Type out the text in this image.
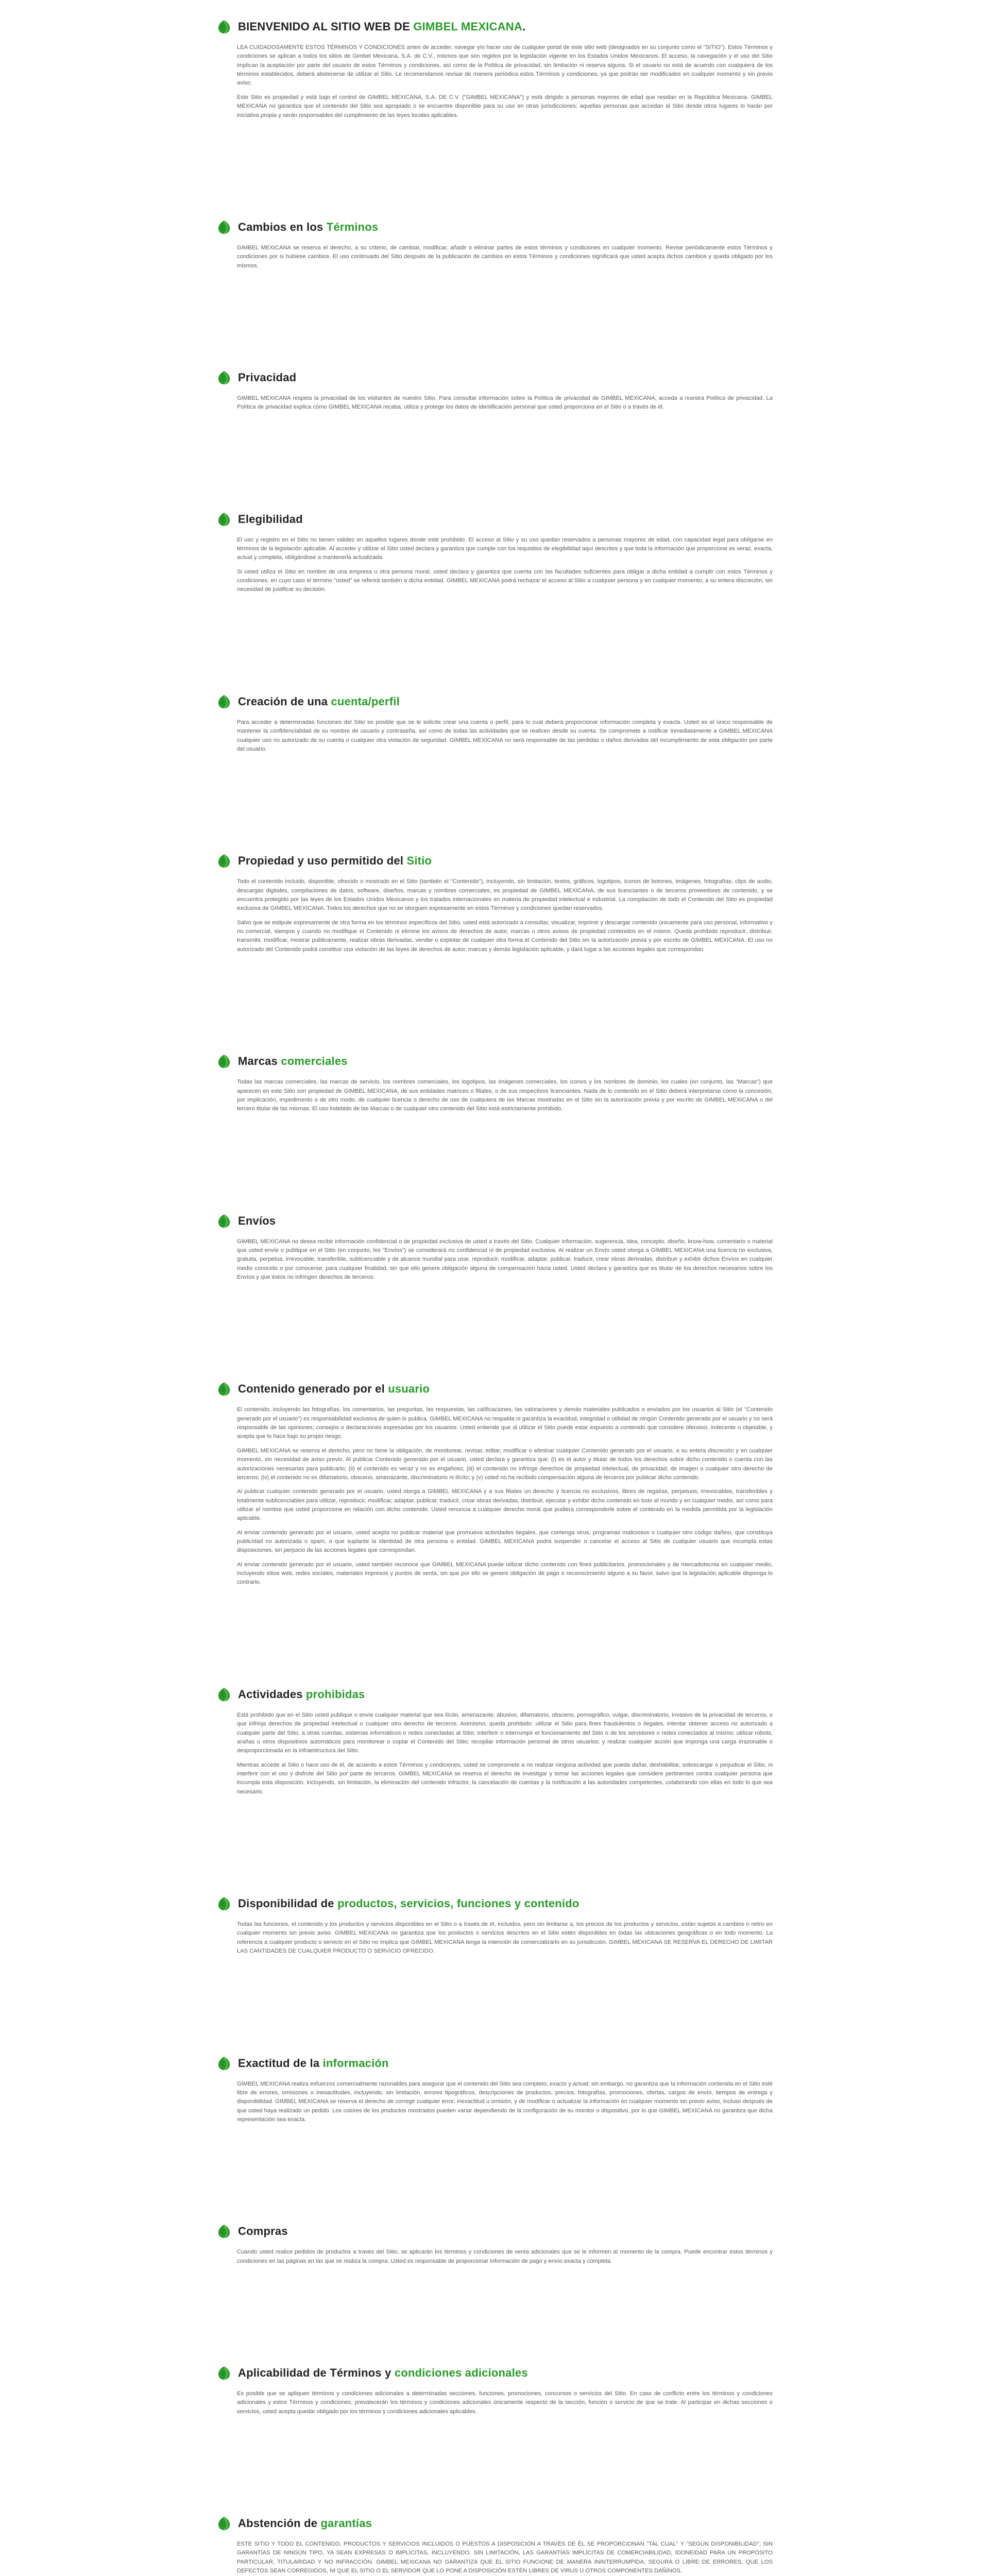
BIENVENIDO AL SITIO WEB DE GIMBEL MEXICANA.

LEA CUIDADOSAMENTE ESTOS TÉRMINOS Y CONDICIONES antes de acceder, navegar y/o hacer uso de cualquier portal de este sitio web (designados en su conjunto como el "SITIO"). Estos Términos y condiciones se aplican a todos los sitios de Gimbel Mexicana, S.A. de C.V., mismos que son regidos por la legislación vigente en los Estados Unidos Mexicanos. El acceso, la navegación y el uso del Sitio implican la aceptación por parte del usuario de estos Términos y condiciones, así como de la Política de privacidad, sin limitación ni reserva alguna. Si el usuario no está de acuerdo con cualquiera de los términos establecidos, deberá abstenerse de utilizar el Sitio. Le recomendamos revisar de manera periódica estos Términos y condiciones, ya que podrán ser modificados en cualquier momento y sin previo aviso.

Este Sitio es propiedad y está bajo el control de GIMBEL MEXICANA, S.A. DE C.V. ("GIMBEL MEXICANA") y está dirigido a personas mayores de edad que residan en la República Mexicana. GIMBEL MEXICANA no garantiza que el contenido del Sitio sea apropiado o se encuentre disponible para su uso en otras jurisdicciones; aquellas personas que accedan al Sitio desde otros lugares lo harán por iniciativa propia y serán responsables del cumplimiento de las leyes locales aplicables.

Cambios en los Términos

GIMBEL MEXICANA se reserva el derecho, a su criterio, de cambiar, modificar, añadir o eliminar partes de estos términos y condiciones en cualquier momento. Revise periódicamente estos Términos y condiciones por si hubiese cambios. El uso continuado del Sitio después de la publicación de cambios en estos Términos y condiciones significará que usted acepta dichos cambios y queda obligado por los mismos.

Privacidad

GIMBEL MEXICANA respeta la privacidad de los visitantes de nuestro Sitio. Para consultar información sobre la Política de privacidad de GIMBEL MEXICANA, acceda a nuestra Política de privacidad. La Política de privacidad explica cómo GIMBEL MEXICANA recaba, utiliza y protege los datos de identificación personal que usted proporciona en el Sitio o a través de él.

Elegibilidad

El uso y registro en el Sitio no tienen validez en aquellos lugares donde esté prohibido. El acceso al Sitio y su uso quedan reservados a personas mayores de edad, con capacidad legal para obligarse en términos de la legislación aplicable. Al acceder y utilizar el Sitio usted declara y garantiza que cumple con los requisitos de elegibilidad aquí descritos y que toda la información que proporcione es veraz, exacta, actual y completa, obligándose a mantenerla actualizada.

Si usted utiliza el Sitio en nombre de una empresa u otra persona moral, usted declara y garantiza que cuenta con las facultades suficientes para obligar a dicha entidad a cumplir con estos Términos y condiciones, en cuyo caso el término "usted" se referirá también a dicha entidad. GIMBEL MEXICANA podrá rechazar el acceso al Sitio a cualquier persona y en cualquier momento, a su entera discreción, sin necesidad de justificar su decisión.

Creación de una cuenta/perfil

Para acceder a determinadas funciones del Sitio es posible que se le solicite crear una cuenta o perfil, para lo cual deberá proporcionar información completa y exacta. Usted es el único responsable de mantener la confidencialidad de su nombre de usuario y contraseña, así como de todas las actividades que se realicen desde su cuenta. Se compromete a notificar inmediatamente a GIMBEL MEXICANA cualquier uso no autorizado de su cuenta o cualquier otra violación de seguridad. GIMBEL MEXICANA no será responsable de las pérdidas o daños derivados del incumplimiento de esta obligación por parte del usuario.

Propiedad y uso permitido del Sitio

Todo el contenido incluido, disponible, ofrecido o mostrado en el Sitio (también el "Contenido"), incluyendo, sin limitación, textos, gráficos, logotipos, íconos de botones, imágenes, fotografías, clips de audio, descargas digitales, compilaciones de datos, software, diseños, marcas y nombres comerciales, es propiedad de GIMBEL MEXICANA, de sus licenciantes o de terceros proveedores de contenido, y se encuentra protegido por las leyes de los Estados Unidos Mexicanos y los tratados internacionales en materia de propiedad intelectual e industrial. La compilación de todo el Contenido del Sitio es propiedad exclusiva de GIMBEL MEXICANA. Todos los derechos que no se otorguen expresamente en estos Términos y condiciones quedan reservados.

Salvo que se estipule expresamente de otra forma en los términos específicos del Sitio, usted está autorizado a consultar, visualizar, imprimir y descargar contenido únicamente para uso personal, informativo y no comercial, siempre y cuando no modifique el Contenido ni elimine los avisos de derechos de autor, marcas u otros avisos de propiedad contenidos en el mismo. Queda prohibido reproducir, distribuir, transmitir, modificar, mostrar públicamente, realizar obras derivadas, vender o explotar de cualquier otra forma el Contenido del Sitio sin la autorización previa y por escrito de GIMBEL MEXICANA. El uso no autorizado del Contenido podrá constituir una violación de las leyes de derechos de autor, marcas y demás legislación aplicable, y dará lugar a las acciones legales que correspondan.

Marcas comerciales

Todas las marcas comerciales, las marcas de servicio, los nombres comerciales, los logotipos, las imágenes comerciales, los iconos y los nombres de dominio, los cuales (en conjunto, las "Marcas") que aparecen en este Sitio son propiedad de GIMBEL MEXICANA, de sus entidades matrices o filiales, o de sus respectivos licenciantes. Nada de lo contenido en el Sitio deberá interpretarse como la concesión, por implicación, impedimento o de otro modo, de cualquier licencia o derecho de uso de cualquiera de las Marcas mostradas en el Sitio sin la autorización previa y por escrito de GIMBEL MEXICANA o del tercero titular de las mismas. El uso indebido de las Marcas o de cualquier otro contenido del Sitio está estrictamente prohibido.

Envíos

GIMBEL MEXICANA no desea recibir información confidencial o de propiedad exclusiva de usted a través del Sitio. Cualquier información, sugerencia, idea, concepto, diseño, know-how, comentario o material que usted envíe o publique en el Sitio (en conjunto, los "Envíos") se considerará no confidencial ni de propiedad exclusiva. Al realizar un Envío usted otorga a GIMBEL MEXICANA una licencia no exclusiva, gratuita, perpetua, irrevocable, transferible, sublicenciable y de alcance mundial para usar, reproducir, modificar, adaptar, publicar, traducir, crear obras derivadas, distribuir y exhibir dichos Envíos en cualquier medio conocido o por conocerse, para cualquier finalidad, sin que ello genere obligación alguna de compensación hacia usted. Usted declara y garantiza que es titular de los derechos necesarios sobre los Envíos y que éstos no infringen derechos de terceros.

Contenido generado por el usuario

El contenido, incluyendo las fotografías, los comentarios, las preguntas, las respuestas, las calificaciones, las valoraciones y demás materiales publicados o enviados por los usuarios al Sitio (el "Contenido generado por el usuario") es responsabilidad exclusiva de quien lo publica. GIMBEL MEXICANA no respalda ni garantiza la exactitud, integridad o utilidad de ningún Contenido generado por el usuario y no será responsable de las opiniones, consejos o declaraciones expresadas por los usuarios. Usted entiende que al utilizar el Sitio puede estar expuesto a contenido que considere ofensivo, indecente u objetable, y acepta que lo hace bajo su propio riesgo.

GIMBEL MEXICANA se reserva el derecho, pero no tiene la obligación, de monitorear, revisar, editar, modificar o eliminar cualquier Contenido generado por el usuario, a su entera discreción y en cualquier momento, sin necesidad de aviso previo. Al publicar Contenido generado por el usuario, usted declara y garantiza que: (i) es el autor y titular de todos los derechos sobre dicho contenido o cuenta con las autorizaciones necesarias para publicarlo; (ii) el contenido es veraz y no es engañoso; (iii) el contenido no infringe derechos de propiedad intelectual, de privacidad, de imagen o cualquier otro derecho de terceros; (iv) el contenido no es difamatorio, obsceno, amenazante, discriminatorio ni ilícito; y (v) usted no ha recibido compensación alguna de terceros por publicar dicho contenido.

Al publicar cualquier contenido generado por el usuario, usted otorga a GIMBEL MEXICANA y a sus filiales un derecho y licencia no exclusivos, libres de regalías, perpetuos, irrevocables, transferibles y totalmente sublicenciables para utilizar, reproducir, modificar, adaptar, publicar, traducir, crear obras derivadas, distribuir, ejecutar y exhibir dicho contenido en todo el mundo y en cualquier medio, así como para utilizar el nombre que usted proporcione en relación con dicho contenido. Usted renuncia a cualquier derecho moral que pudiera corresponderle sobre el contenido en la medida permitida por la legislación aplicable.

Al enviar contenido generado por el usuario, usted acepta no publicar material que promueva actividades ilegales, que contenga virus, programas maliciosos o cualquier otro código dañino, que constituya publicidad no autorizada o spam, o que suplante la identidad de otra persona o entidad. GIMBEL MEXICANA podrá suspender o cancelar el acceso al Sitio de cualquier usuario que incumpla estas disposiciones, sin perjuicio de las acciones legales que correspondan.

Al enviar contenido generado por el usuario, usted también reconoce que GIMBEL MEXICANA puede utilizar dicho contenido con fines publicitarios, promocionales y de mercadotecnia en cualquier medio, incluyendo sitios web, redes sociales, materiales impresos y puntos de venta, sin que por ello se genere obligación de pago o reconocimiento alguno a su favor, salvo que la legislación aplicable disponga lo contrario.

Actividades prohibidas

Está prohibido que en el Sitio usted publique o envíe cualquier material que sea ilícito, amenazante, abusivo, difamatorio, obsceno, pornográfico, vulgar, discriminatorio, invasivo de la privacidad de terceros, o que infrinja derechos de propiedad intelectual o cualquier otro derecho de terceros. Asimismo, queda prohibido: utilizar el Sitio para fines fraudulentos o ilegales; intentar obtener acceso no autorizado a cualquier parte del Sitio, a otras cuentas, sistemas informáticos o redes conectadas al Sitio; interferir o interrumpir el funcionamiento del Sitio o de los servidores o redes conectados al mismo; utilizar robots, arañas u otros dispositivos automáticos para monitorear o copiar el Contenido del Sitio; recopilar información personal de otros usuarios; y realizar cualquier acción que imponga una carga irrazonable o desproporcionada en la infraestructura del Sitio.

Mientras accede al Sitio o hace uso de él, de acuerdo a estos Términos y condiciones, usted se compromete a no realizar ninguna actividad que pueda dañar, deshabilitar, sobrecargar o perjudicar el Sitio, ni interferir con el uso y disfrute del Sitio por parte de terceros. GIMBEL MEXICANA se reserva el derecho de investigar y tomar las acciones legales que considere pertinentes contra cualquier persona que incumpla esta disposición, incluyendo, sin limitación, la eliminación del contenido infractor, la cancelación de cuentas y la notificación a las autoridades competentes, colaborando con ellas en todo lo que sea necesario.

Disponibilidad de productos, servicios, funciones y contenido

Todas las funciones, el contenido y los productos y servicios disponibles en el Sitio o a través de él, incluidos, pero sin limitarse a, los precios de los productos y servicios, están sujetos a cambios o retiro en cualquier momento sin previo aviso. GIMBEL MEXICANA no garantiza que los productos o servicios descritos en el Sitio estén disponibles en todas las ubicaciones geográficas o en todo momento. La referencia a cualquier producto o servicio en el Sitio no implica que GIMBEL MEXICANA tenga la intención de comercializarlo en su jurisdicción. GIMBEL MEXICANA SE RESERVA EL DERECHO DE LIMITAR LAS CANTIDADES DE CUALQUIER PRODUCTO O SERVICIO OFRECIDO.

Exactitud de la información

GIMBEL MEXICANA realiza esfuerzos comercialmente razonables para asegurar que el contenido del Sitio sea completo, exacto y actual; sin embargo, no garantiza que la información contenida en el Sitio esté libre de errores, omisiones o inexactitudes, incluyendo, sin limitación, errores tipográficos, descripciones de productos, precios, fotografías, promociones, ofertas, cargos de envío, tiempos de entrega y disponibilidad. GIMBEL MEXICANA se reserva el derecho de corregir cualquier error, inexactitud u omisión, y de modificar o actualizar la información en cualquier momento sin previo aviso, incluso después de que usted haya realizado un pedido. Los colores de los productos mostrados pueden variar dependiendo de la configuración de su monitor o dispositivo, por lo que GIMBEL MEXICANA no garantiza que dicha representación sea exacta.

Compras

Cuando usted realice pedidos de productos a través del Sitio, se aplicarán los términos y condiciones de venta adicionales que se le informen al momento de la compra. Puede encontrar estos términos y condiciones en las páginas en las que se realiza la compra. Usted es responsable de proporcionar información de pago y envío exacta y completa.

Aplicabilidad de Términos y condiciones adicionales

Es posible que se apliquen términos y condiciones adicionales a determinadas secciones, funciones, promociones, concursos o servicios del Sitio. En caso de conflicto entre los términos y condiciones adicionales y estos Términos y condiciones, prevalecerán los términos y condiciones adicionales únicamente respecto de la sección, función o servicio de que se trate. Al participar en dichas secciones o servicios, usted acepta quedar obligado por los términos y condiciones adicionales aplicables.

Abstención de garantías

ESTE SITIO Y TODO EL CONTENIDO, PRODUCTOS Y SERVICIOS INCLUIDOS O PUESTOS A DISPOSICIÓN A TRAVÉS DE ÉL SE PROPORCIONAN "TAL CUAL" Y "SEGÚN DISPONIBILIDAD", SIN GARANTÍAS DE NINGÚN TIPO, YA SEAN EXPRESAS O IMPLÍCITAS, INCLUYENDO, SIN LIMITACIÓN, LAS GARANTÍAS IMPLÍCITAS DE COMERCIABILIDAD, IDONEIDAD PARA UN PROPÓSITO PARTICULAR, TITULARIDAD Y NO INFRACCIÓN. GIMBEL MEXICANA NO GARANTIZA QUE EL SITIO FUNCIONE DE MANERA ININTERRUMPIDA, SEGURA O LIBRE DE ERRORES, QUE LOS DEFECTOS SEAN CORREGIDOS, NI QUE EL SITIO O EL SERVIDOR QUE LO PONE A DISPOSICIÓN ESTÉN LIBRES DE VIRUS U OTROS COMPONENTES DAÑINOS.
